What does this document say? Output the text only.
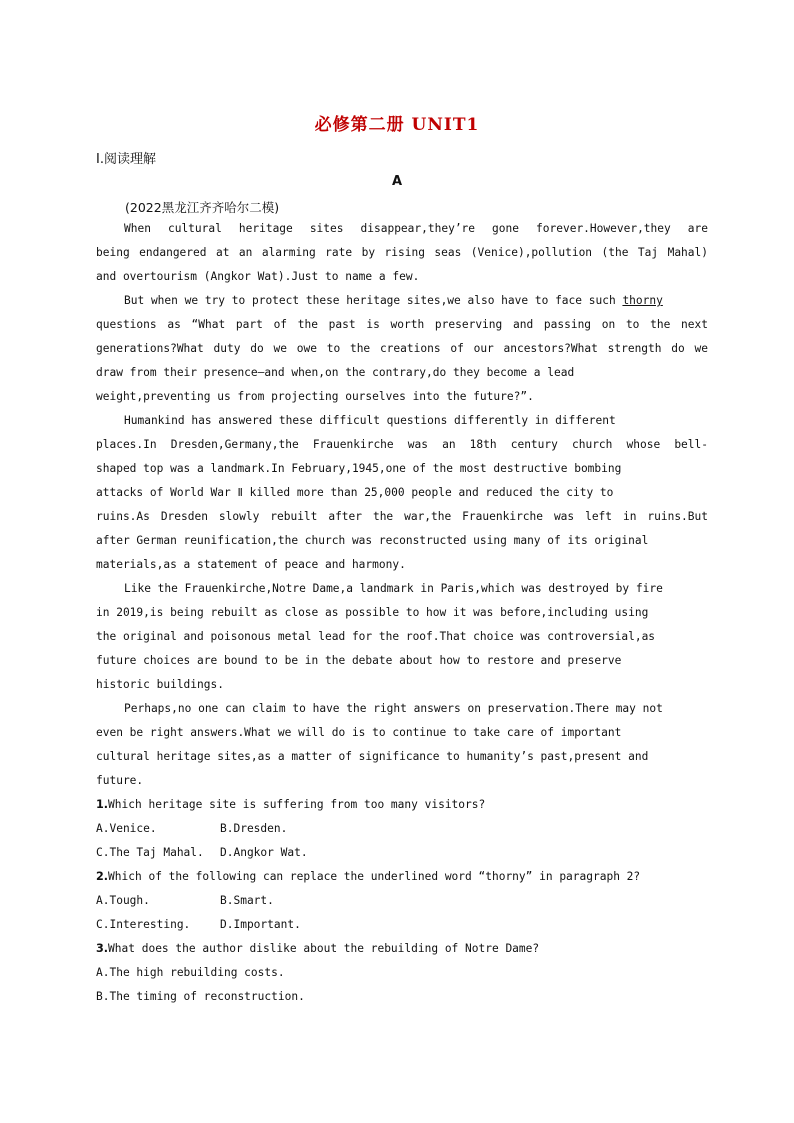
必修第二册 UNIT1
Ⅰ.阅读理解
A
(2022黑龙江齐齐哈尔二模)
When cultural heritage sites disappear,they’re gone forever.However,they are
being endangered at an alarming rate by rising seas (Venice),pollution (the Taj Mahal)
and overtourism (Angkor Wat).Just to name a few.
But when we try to protect these heritage sites,we also have to face such thorny
questions as “What part of the past is worth preserving and passing on to the next
generations?What duty do we owe to the creations of our ancestors?What strength do we
draw from their presence—and when,on the contrary,do they become a lead
weight,preventing us from projecting ourselves into the future?”.
Humankind has answered these difficult questions differently in different
places.In Dresden,Germany,the Frauenkirche was an 18th century church whose bell-
shaped top was a landmark.In February,1945,one of the most destructive bombing
attacks of World War Ⅱ killed more than 25,000 people and reduced the city to
ruins.As Dresden slowly rebuilt after the war,the Frauenkirche was left in ruins.But
after German reunification,the church was reconstructed using many of its original
materials,as a statement of peace and harmony.
Like the Frauenkirche,Notre Dame,a landmark in Paris,which was destroyed by fire
in 2019,is being rebuilt as close as possible to how it was before,including using
the original and poisonous metal lead for the roof.That choice was controversial,as
future choices are bound to be in the debate about how to restore and preserve
historic buildings.
Perhaps,no one can claim to have the right answers on preservation.There may not
even be right answers.What we will do is to continue to take care of important
cultural heritage sites,as a matter of significance to humanity’s past,present and
future.
1.Which heritage site is suffering from too many visitors?
A.Venice.	B.Dresden.
C.The Taj Mahal. D.Angkor Wat.
2.Which of the following can replace the underlined word “thorny” in paragraph 2?
A.Tough.	B.Smart.
C.Interesting.	D.Important.
3.What does the author dislike about the rebuilding of Notre Dame?
A.The high rebuilding costs.
B.The timing of reconstruction.
